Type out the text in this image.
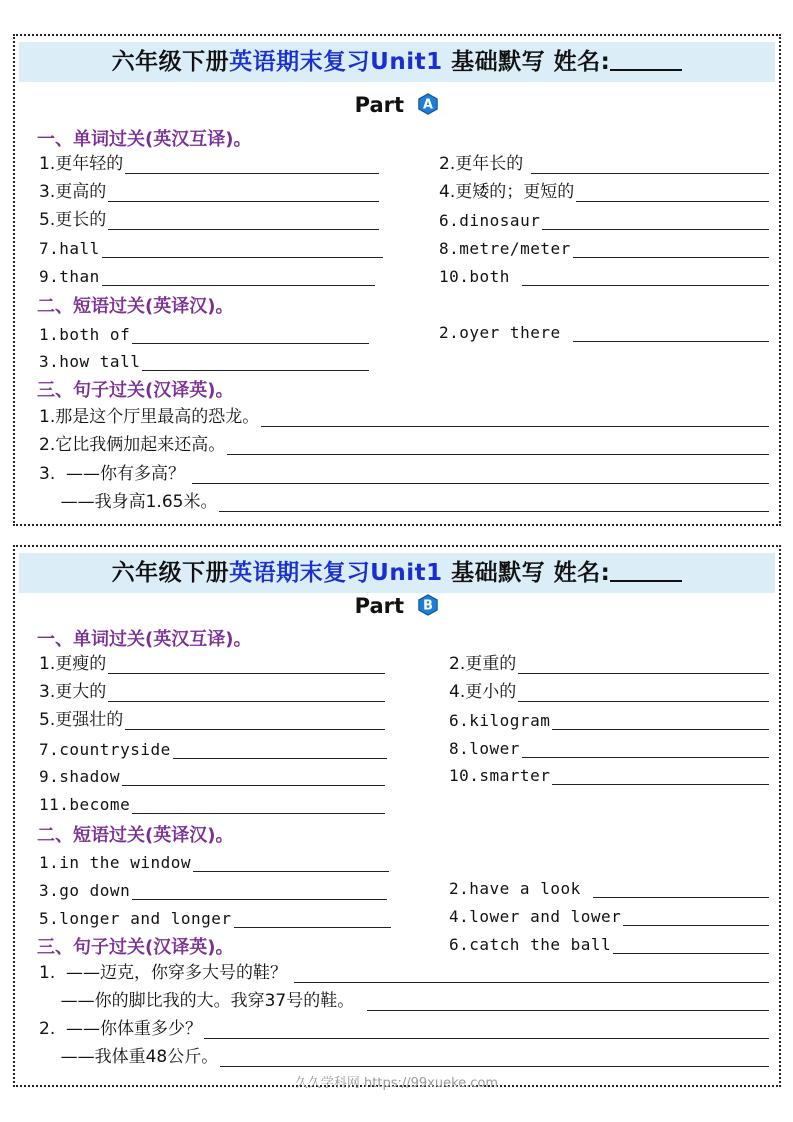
六年级下册英语期末复习Unit1 基础默写 姓名:
Part A
一、单词过关(英汉互译)。
二、短语过关(英译汉)。
三、句子过关(汉译英)。
1.更年轻的	2.更年长的
3.更高的	4.更矮的；更短的
5.更长的	6.dinosaur
7.hall	8.metre/meter
9.than	10.both
1.both of	2.oyer there
3.how tall
1.那是这个厅里最高的恐龙。
2.它比我俩加起来还高。
3.  ——你有多高？
——我身高1.65米。
六年级下册英语期末复习Unit1 基础默写 姓名:
Part B
一、单词过关(英汉互译)。
二、短语过关(英译汉)。
三、句子过关(汉译英)。
1.更瘦的	2.更重的
3.更大的	4.更小的
5.更强壮的	6.kilogram
7.countryside	8.lower
9.shadow	10.smarter
11.become
1.in the window
3.go down	2.have a look
5.longer and longer	4.lower and lower
6.catch the ball
1.  ——迈克，你穿多大号的鞋？
——你的脚比我的大。我穿37号的鞋。
2.  ——你体重多少？
——我体重48公斤。
久久学科网 https://99xueke.com
